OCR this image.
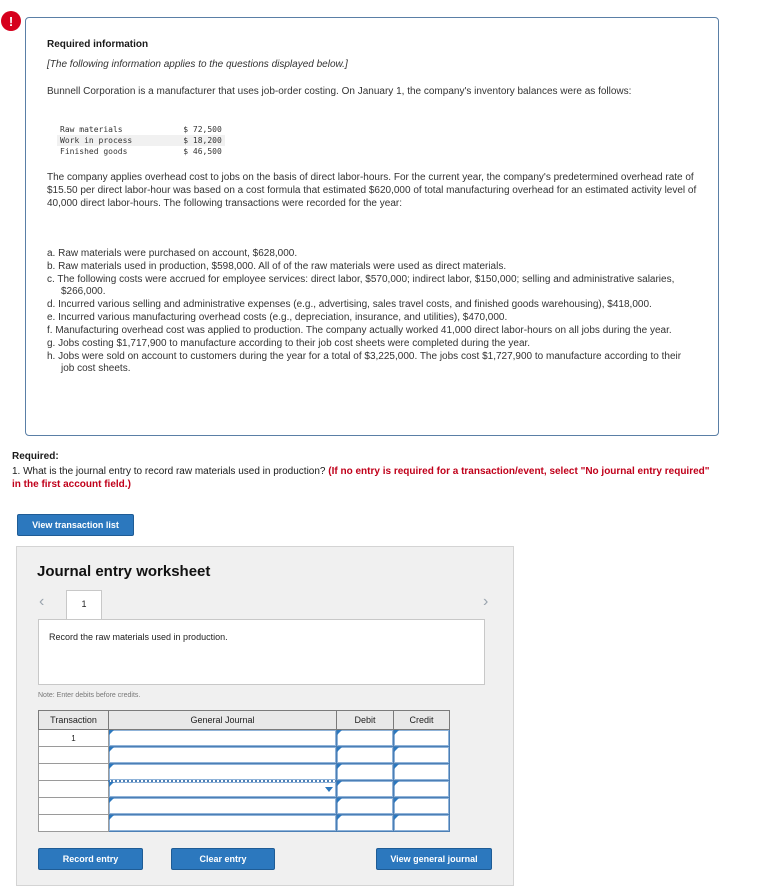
!
Required information
[The following information applies to the questions displayed below.]
Bunnell Corporation is a manufacturer that uses job-order costing. On January 1, the company's inventory balances were as follows:
Raw materials	$ 72,500
Work in process	$ 18,200
Finished goods	$ 46,500
The company applies overhead cost to jobs on the basis of direct labor-hours. For the current year, the company's predetermined overhead rate of $15.50 per direct labor-hour was based on a cost formula that estimated $620,000 of total manufacturing overhead for an estimated activity level of 40,000 direct labor-hours. The following transactions were recorded for the year:
a. Raw materials were purchased on account, $628,000.
b. Raw materials used in production, $598,000. All of of the raw materials were used as direct materials.
c. The following costs were accrued for employee services: direct labor, $570,000; indirect labor, $150,000; selling and administrative salaries, $266,000.
d. Incurred various selling and administrative expenses (e.g., advertising, sales travel costs, and finished goods warehousing), $418,000.
e. Incurred various manufacturing overhead costs (e.g., depreciation, insurance, and utilities), $470,000.
f. Manufacturing overhead cost was applied to production. The company actually worked 41,000 direct labor-hours on all jobs during the year.
g. Jobs costing $1,717,900 to manufacture according to their job cost sheets were completed during the year.
h. Jobs were sold on account to customers during the year for a total of $3,225,000. The jobs cost $1,727,900 to manufacture according to their job cost sheets.
Required:
1. What is the journal entry to record raw materials used in production? (If no entry is required for a transaction/event, select "No journal entry required" in the first account field.)
View transaction list
Journal entry worksheet
‹	›
1
Record the raw materials used in production.
Note: Enter debits before credits.
Transaction	General Journal	Debit	Credit
1			

Record entry	Clear entry	View general journal
